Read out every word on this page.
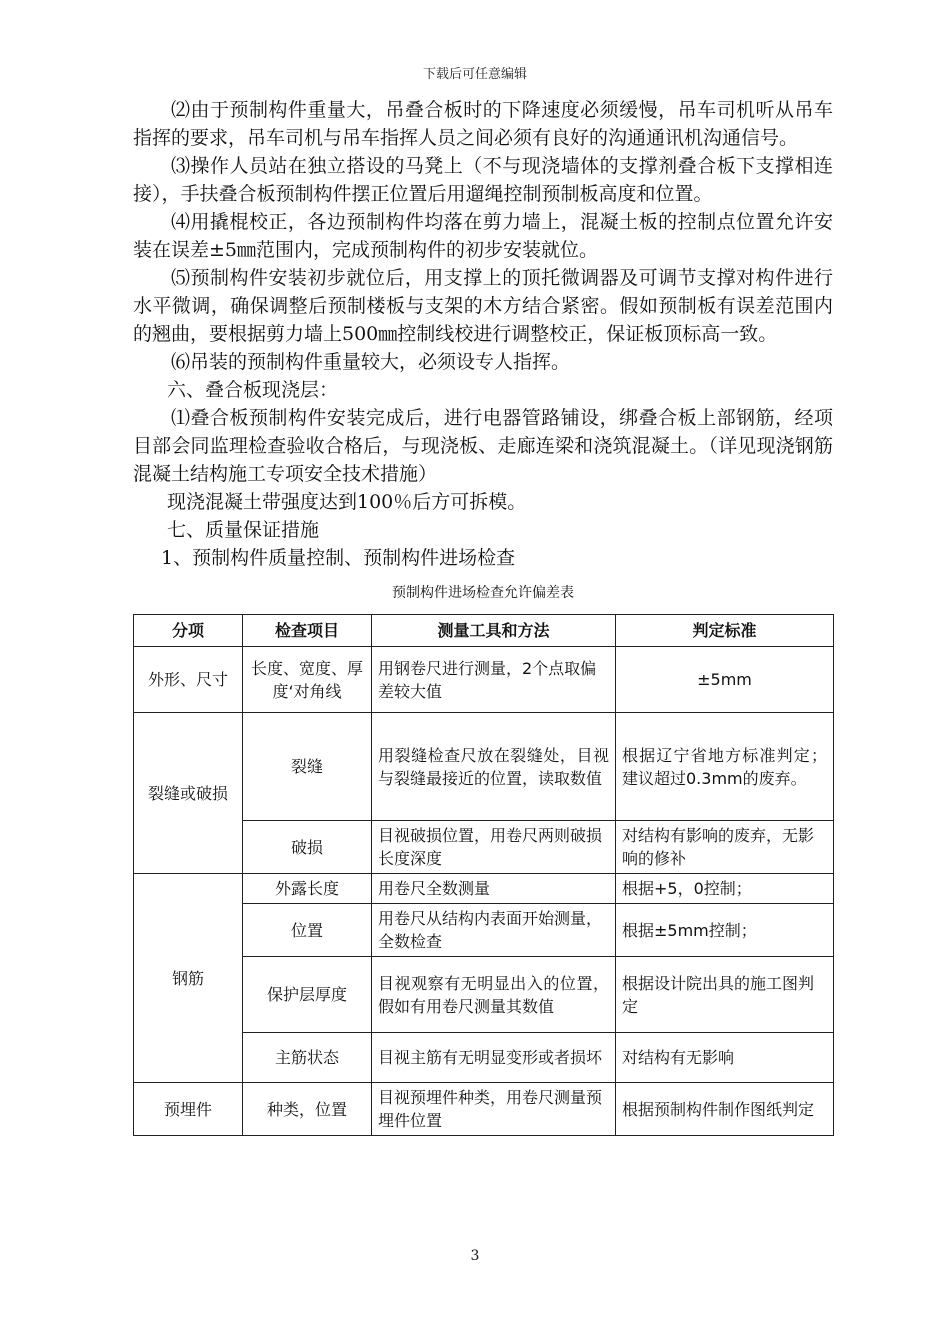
下载后可任意编辑

⑵由于预制构件重量大，吊叠合板时的下降速度必须缓慢，吊车司机听从吊车指挥的要求，吊车司机与吊车指挥人员之间必须有良好的沟通通讯机沟通信号。

⑶操作人员站在独立搭设的马凳上（不与现浇墙体的支撑剂叠合板下支撑相连接），手扶叠合板预制构件摆正位置后用遛绳控制预制板高度和位置。

⑷用撬棍校正，各边预制构件均落在剪力墙上，混凝土板的控制点位置允许安装在误差±5㎜范围内，完成预制构件的初步安装就位。

⑸预制构件安装初步就位后，用支撑上的顶托微调器及可调节支撑对构件进行水平微调，确保调整后预制楼板与支架的木方结合紧密。假如预制板有误差范围内的翘曲，要根据剪力墙上500㎜控制线校进行调整校正，保证板顶标高一致。

⑹吊装的预制构件重量较大，必须设专人指挥。

六、叠合板现浇层：

⑴叠合板预制构件安装完成后，进行电器管路铺设，绑叠合板上部钢筋，经项目部会同监理检查验收合格后，与现浇板、走廊连梁和浇筑混凝土。（详见现浇钢筋混凝土结构施工专项安全技术措施）

现浇混凝土带强度达到100％后方可拆模。

七、质量保证措施

1、预制构件质量控制、预制构件进场检查

预制构件进场检查允许偏差表
分项	检查项目	测量工具和方法	判定标准
外形、尺寸	长度、宽度、厚度‘对角线	用钢卷尺进行测量，2个点取偏差较大值	±5mm
裂缝或破损	裂缝	用裂缝检查尺放在裂缝处，目视与裂缝最接近的位置，读取数值	根据辽宁省地方标准判定；建议超过0.3mm的废弃。
	破损	目视破损位置，用卷尺两则破损长度深度	对结构有影响的废弃，无影响的修补
钢筋	外露长度	用卷尺全数测量	根据+5，0控制；
	位置	用卷尺从结构内表面开始测量，全数检查	根据±5mm控制；
	保护层厚度	目视观察有无明显出入的位置，假如有用卷尺测量其数值	根据设计院出具的施工图判定
	主筋状态	目视主筋有无明显变形或者损坏	对结构有无影响
预埋件	种类，位置	目视预埋件种类，用卷尺测量预埋件位置	根据预制构件制作图纸判定
3
